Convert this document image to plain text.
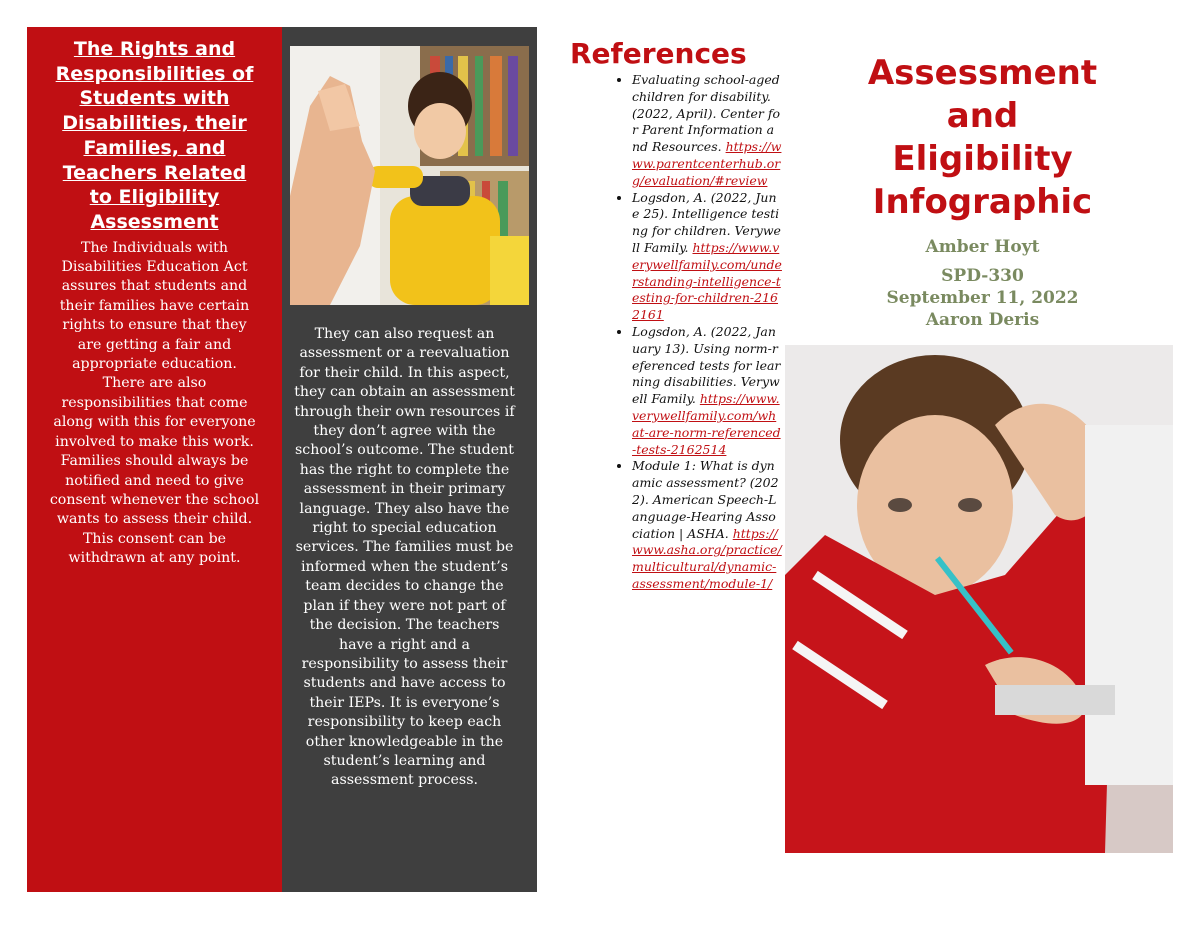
The Rights and Responsibilities of Students with Disabilities, their Families, and Teachers Related to Eligibility Assessment

The Individuals with Disabilities Education Act assures that students and their families have certain rights to ensure that they are getting a fair and appropriate education. There are also responsibilities that come along with this for everyone involved to make this work. Families should always be notified and need to give consent whenever the school wants to assess their child. This consent can be withdrawn at any point.

They can also request an assessment or a reevaluation for their child. In this aspect, they can obtain an assessment through their own resources if they don’t agree with the school’s outcome. The student has the right to complete the assessment in their primary language. They also have the right to special education services. The families must be informed when the student’s team decides to change the plan if they were not part of the decision. The teachers have a right and a responsibility to assess their students and have access to their IEPs. It is everyone’s responsibility to keep each other knowledgeable in the student’s learning and assessment process.

References
• Evaluating school-aged children for disability. (2022, April). Center for Parent Information and Resources. https://www.parentcenterhub.org/evaluation/#review
• Logsdon, A. (2022, June 25). Intelligence testing for children. Verywell Family. https://www.verywellfamily.com/understanding-intelligence-testing-for-children-2162161
• Logsdon, A. (2022, January 13). Using norm-referenced tests for learning disabilities. Verywell Family. https://www.verywellfamily.com/what-are-norm-referenced-tests-2162514
• Module 1: What is dynamic assessment? (2022). American Speech-Language-Hearing Association | ASHA. https://www.asha.org/practice/multicultural/dynamic-assessment/module-1/
Assessment
and
Eligibility
Infographic
Amber Hoyt
SPD-330
September 11, 2022
Aaron Deris
